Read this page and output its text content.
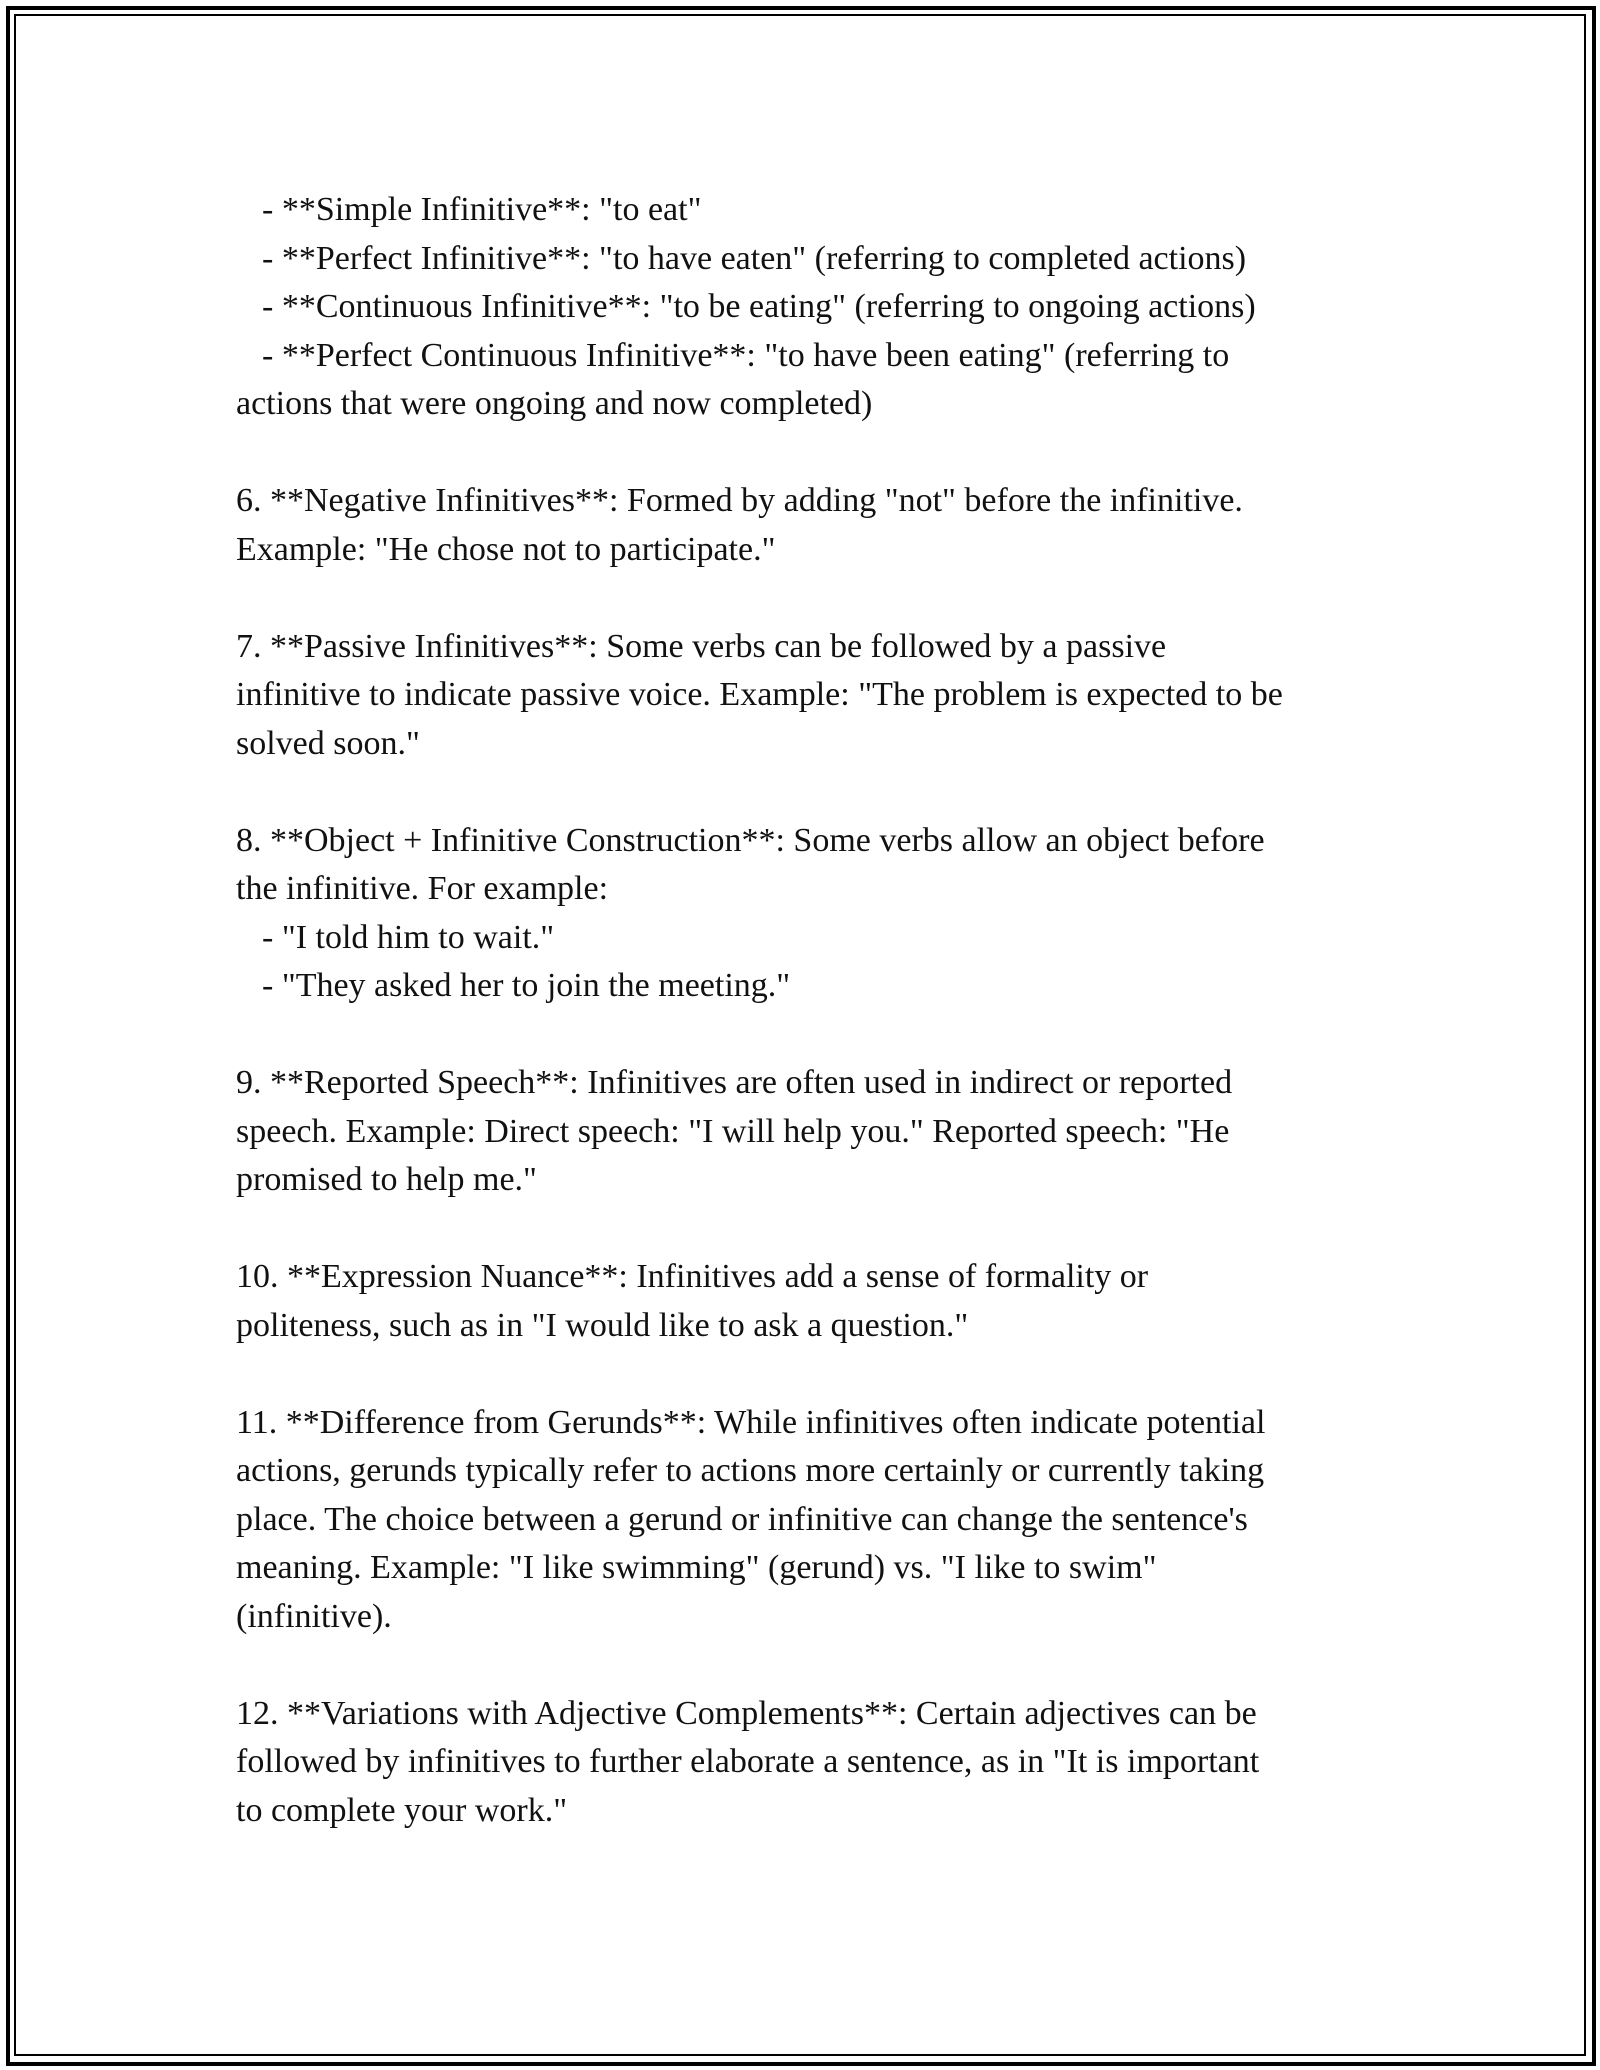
- **Simple Infinitive**: "to eat"
- **Perfect Infinitive**: "to have eaten" (referring to completed actions)
- **Continuous Infinitive**: "to be eating" (referring to ongoing actions)
- **Perfect Continuous Infinitive**: "to have been eating" (referring to
actions that were ongoing and now completed)
6. **Negative Infinitives**: Formed by adding "not" before the infinitive.
Example: "He chose not to participate."
7. **Passive Infinitives**: Some verbs can be followed by a passive
infinitive to indicate passive voice. Example: "The problem is expected to be
solved soon."
8. **Object + Infinitive Construction**: Some verbs allow an object before
the infinitive. For example:
- "I told him to wait."
- "They asked her to join the meeting."
9. **Reported Speech**: Infinitives are often used in indirect or reported
speech. Example: Direct speech: "I will help you." Reported speech: "He
promised to help me."
10. **Expression Nuance**: Infinitives add a sense of formality or
politeness, such as in "I would like to ask a question."
11. **Difference from Gerunds**: While infinitives often indicate potential
actions, gerunds typically refer to actions more certainly or currently taking
place. The choice between a gerund or infinitive can change the sentence's
meaning. Example: "I like swimming" (gerund) vs. "I like to swim"
(infinitive).
12. **Variations with Adjective Complements**: Certain adjectives can be
followed by infinitives to further elaborate a sentence, as in "It is important
to complete your work."
